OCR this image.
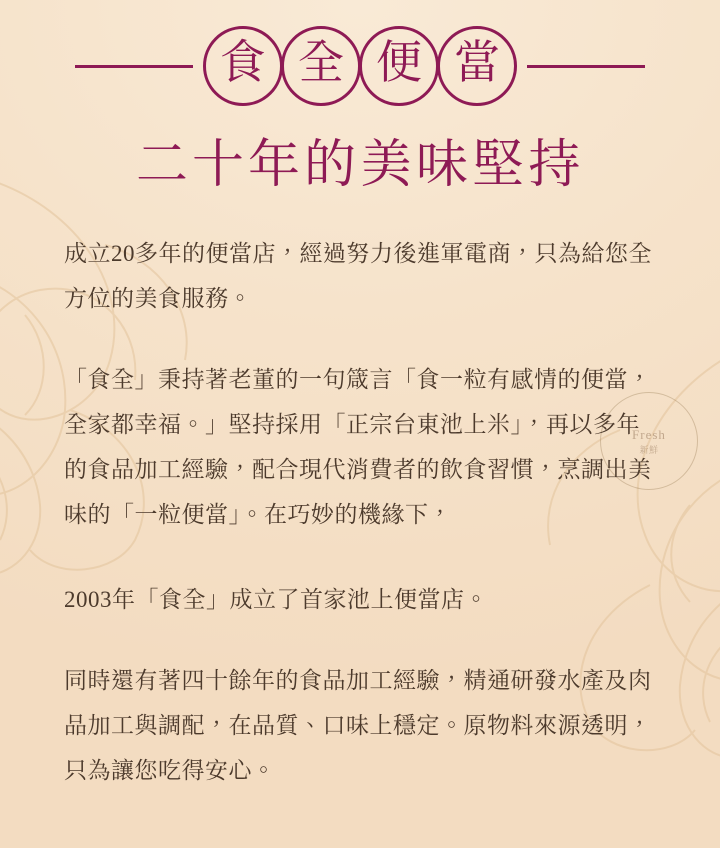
Fresh
新鮮
食 全 便 當
二十年的美味堅持

成立20多年的便當店，經過努力後進軍電商，只為給您全方位的美食服務。

「食全」秉持著老董的一句箴言「食一粒有感情的便當，全家都幸福。」堅持採用「正宗台東池上米」，再以多年的食品加工經驗，配合現代消費者的飲食習慣，烹調出美味的「一粒便當」。在巧妙的機緣下，

2003年「食全」成立了首家池上便當店。

同時還有著四十餘年的食品加工經驗，精通研發水產及肉品加工與調配，在品質、口味上穩定。原物料來源透明，只為讓您吃得安心。
